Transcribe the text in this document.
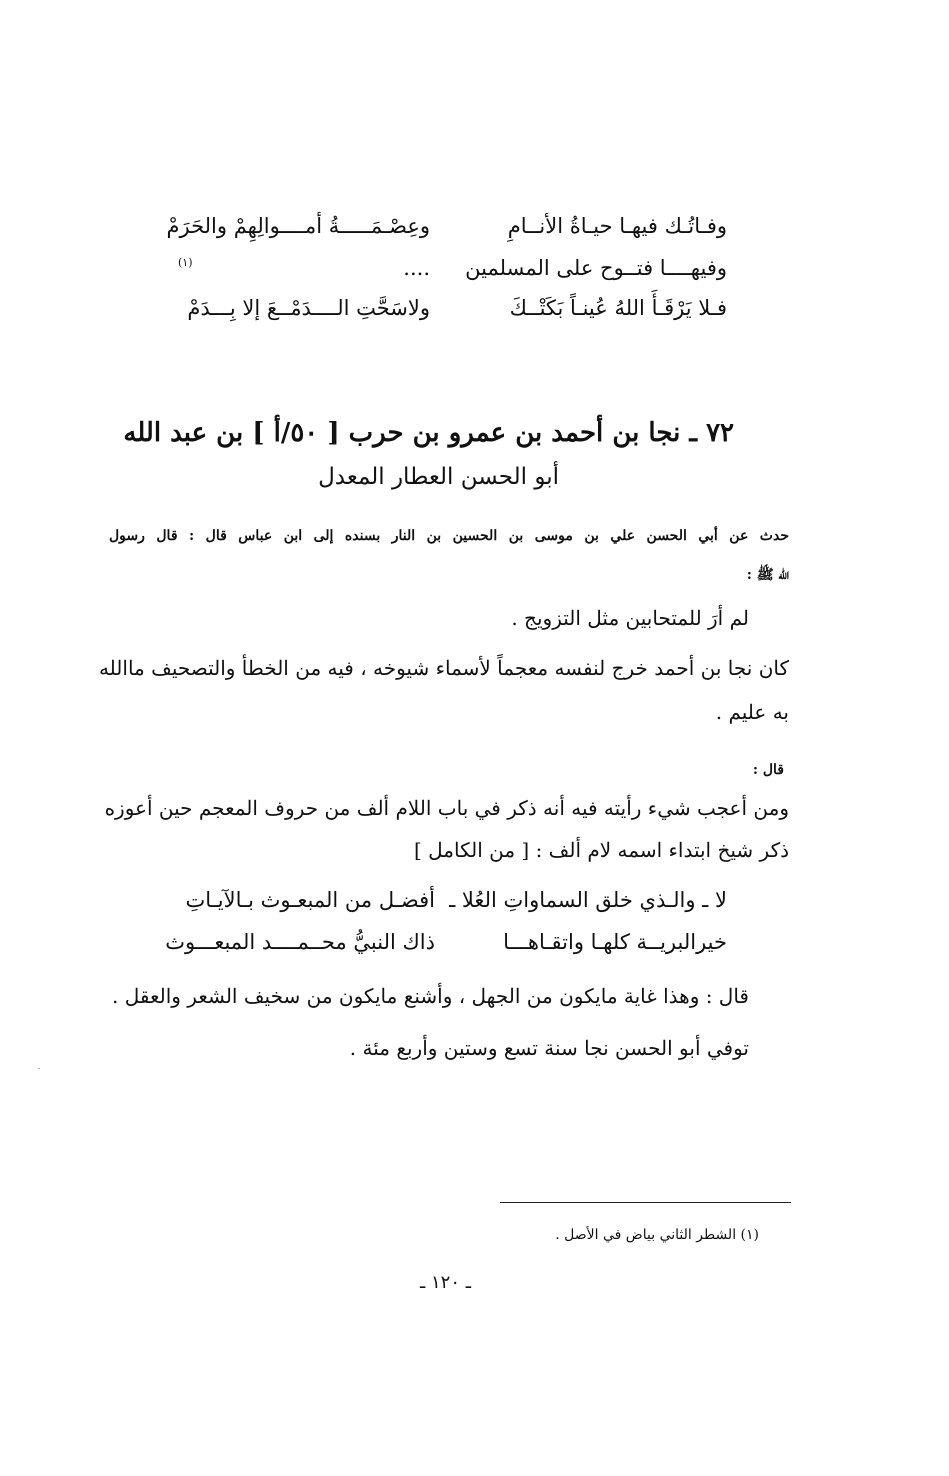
وفـاتُـك فيهـا حيـاةُ الأنــامِ
وعِصْـمَـــــةُ أمــــوالِهِمْ والحَرَمْ
وفيهــــا فتــوح على المسلمين
....
(١)
فـلا يَرْقَـأَ اللهُ عُينـاً بَكَتْــكَ
ولاسَحَّتِ الــــدَمْــعَ إلا بِـــدَمْ
٧٢ ـ نجا بن أحمد بن عمرو بن حرب [ ٥٠/أ ] بن عبد الله
أبو الحسن العطار المعدل
حدث عن أبي الحسن علي بن موسى بن الحسين بن النار بسنده إلى ابن عباس قال : قال رسول
الله ﷺ :
لم أرَ للمتحابين مثل التزويج .
كان نجا بن أحمد خرج لنفسه معجماً لأسماء شيوخه ، فيه من الخطأ والتصحيف ماالله
به عليم .
قال :
ومن أعجب شيء رأيته فيه أنه ذكر في باب اللام ألف من حروف المعجم حين أعوزه
ذكر شيخ ابتداء اسمه لام ألف : [ من الكامل ]
لا ـ والـذي خلق السماواتِ العُلا ـ
أفضـل من المبعـوث بـالآيـاتِ
خيرالبريــة كلهـا واتقـاهـــا
ذاك النبيُّ محــمــــد المبعـــوث
قال : وهذا غاية مايكون من الجهل ، وأشنع مايكون من سخيف الشعر والعقل .
توفي أبو الحسن نجا سنة تسع وستين وأربع مئة .
(١) الشطر الثاني بياض في الأصل .
ـ ١٢٠ ـ
